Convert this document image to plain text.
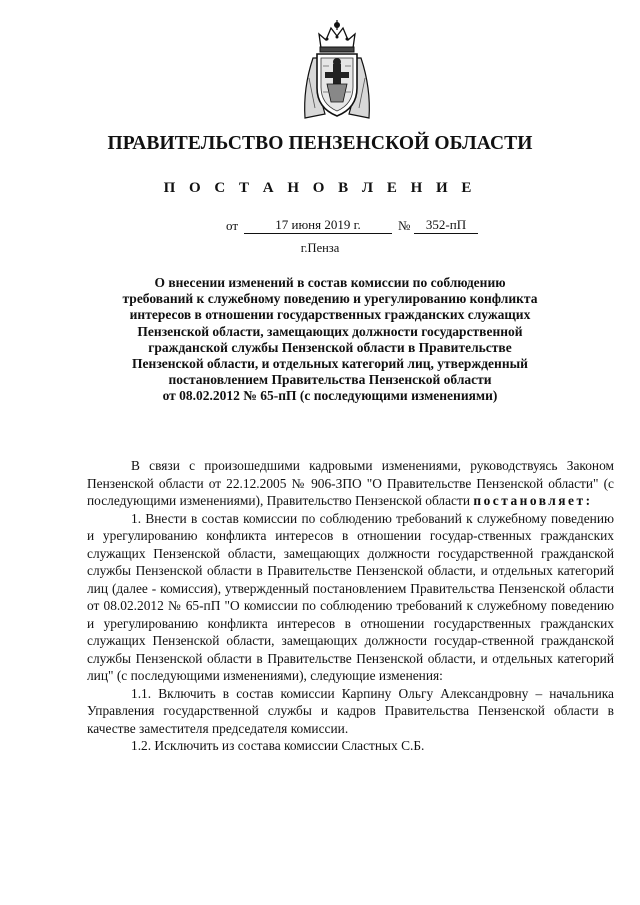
ПРАВИТЕЛЬСТВО ПЕНЗЕНСКОЙ ОБЛАСТИ
П О С Т А Н О В Л Е Н И Е
от	17 июня 2019 г.	№	352-пП
г.Пенза
О внесении изменений в состав комиссии по соблюдению
требований к служебному поведению и урегулированию конфликта
интересов в отношении государственных гражданских служащих
Пензенской области, замещающих должности государственной
гражданской службы Пензенской области в Правительстве
Пензенской области, и отдельных категорий лиц, утвержденный
постановлением Правительства Пензенской области
от 08.02.2012 № 65-пП (с последующими изменениями)

В связи с произошедшими кадровыми изменениями, руководствуясь Законом Пензенской области от 22.12.2005 № 906-ЗПО "О Правительстве Пензенской области" (с последующими изменениями), Правительство Пензенской области постановляет:

1. Внести в состав комиссии по соблюдению требований к служебному поведению и урегулированию конфликта интересов в отношении государ-ственных гражданских служащих Пензенской области, замещающих должности государственной гражданской службы Пензенской области в Правительстве Пензенской области, и отдельных категорий лиц (далее - комиссия), утвержденный постановлением Правительства Пензенской области от 08.02.2012 № 65-пП "О комиссии по соблюдению требований к служебному поведению и урегулированию конфликта интересов в отношении государственных гражданских служащих Пензенской области, замещающих должности государ-ственной гражданской службы Пензенской области в Правительстве Пензенской области, и отдельных категорий лиц" (с последующими изменениями), следующие изменения:

1.1. Включить в состав комиссии Карпину Ольгу Александровну – начальника Управления государственной службы и кадров Правительства Пензенской области в качестве заместителя председателя комиссии.

1.2. Исключить из состава комиссии Сластных С.Б.
